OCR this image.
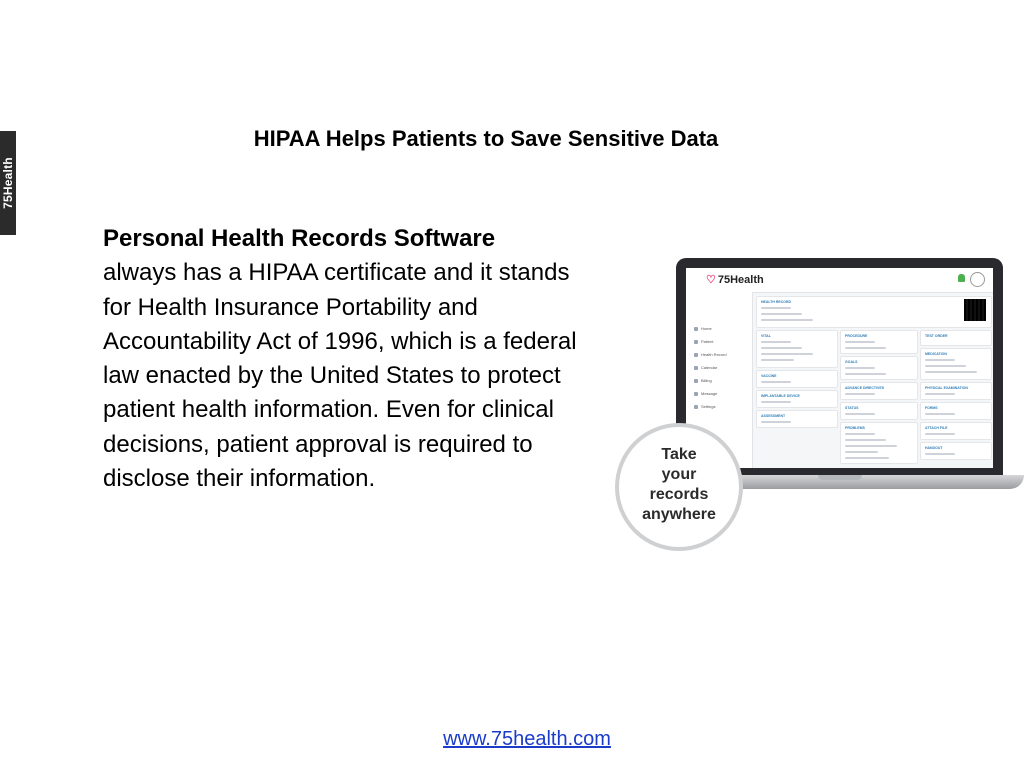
75Health
HIPAA Helps Patients to Save Sensitive Data
Personal Health Records Software
always has a HIPAA certificate and it stands for Health Insurance Portability and Accountability Act of 1996, which is a federal law enacted by the United States to protect patient health information. Even for clinical decisions, patient approval is required to disclose their information.
♡ 75Health
Home
Patient
Health Record
Calendar
Billing
Message
Settings
HEALTH RECORD
VITAL	PROCEDURE	TEST ORDER
MEDICATION
VACCINE
GOALS
IMPLANTABLE DEVICE
ADVANCE DIRECTIVES	PHYSICAL EXAMINATION
ASSESSMENT
STATUS	FORMS
PROBLEMS	ATTACH FILE
HANDOUT
Take
your
records
anywhere
www.75health.com
